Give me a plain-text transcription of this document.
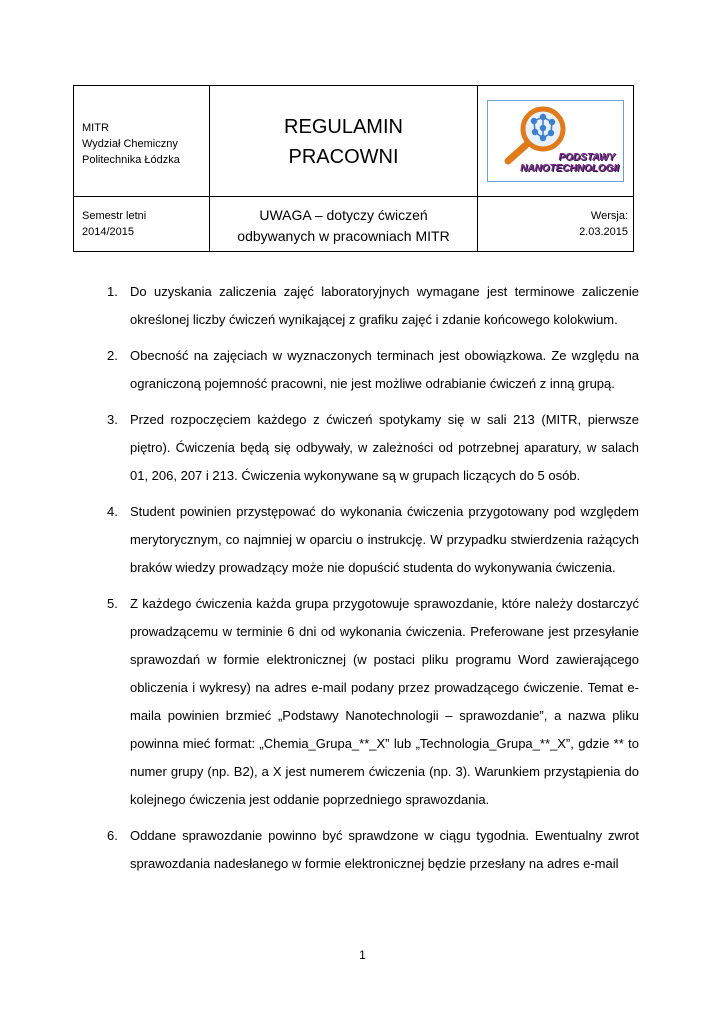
MITR
Wydział Chemiczny
Politechnika Łódzka
REGULAMIN
PRACOWNI	PODSTAWY
NANOTECHNOLOGII
Semestr letni
2014/2015
UWAGA – dotyczy ćwiczeń
odbywanych w pracowniach MITR
Wersja:
2.03.2015
1. Do uzyskania zaliczenia zajęć laboratoryjnych wymagane jest terminowe zaliczenie określonej liczby ćwiczeń wynikającej z grafiku zajęć i zdanie końcowego kolokwium.
2. Obecność na zajęciach w wyznaczonych terminach jest obowiązkowa. Ze względu na ograniczoną pojemność pracowni, nie jest możliwe odrabianie ćwiczeń z inną grupą.
3. Przed rozpoczęciem każdego z ćwiczeń spotykamy się w sali 213 (MITR, pierwsze piętro). Ćwiczenia będą się odbywały, w zależności od potrzebnej aparatury, w salach 01, 206, 207 i 213. Ćwiczenia wykonywane są w grupach liczących do 5 osób.
4. Student powinien przystępować do wykonania ćwiczenia przygotowany pod względem merytorycznym, co najmniej w oparciu o instrukcję. W przypadku stwierdzenia rażących braków wiedzy prowadzący może nie dopuścić studenta do wykonywania ćwiczenia.
5. Z każdego ćwiczenia każda grupa przygotowuje sprawozdanie, które należy dostarczyć prowadzącemu w terminie 6 dni od wykonania ćwiczenia. Preferowane jest przesyłanie sprawozdań w formie elektronicznej (w postaci pliku programu Word zawierającego obliczenia i wykresy) na adres e-mail podany przez prowadzącego ćwiczenie. Temat e-maila powinien brzmieć „Podstawy Nanotechnologii – sprawozdanie”, a nazwa pliku powinna mieć format: „Chemia_Grupa_**_X” lub „Technologia_Grupa_**_X”, gdzie ** to numer grupy (np. B2), a X jest numerem ćwiczenia (np. 3). Warunkiem przystąpienia do kolejnego ćwiczenia jest oddanie poprzedniego sprawozdania.
6. Oddane sprawozdanie powinno być sprawdzone w ciągu tygodnia. Ewentualny zwrot sprawozdania nadesłanego w formie elektronicznej będzie przesłany na adres e-mail
1
